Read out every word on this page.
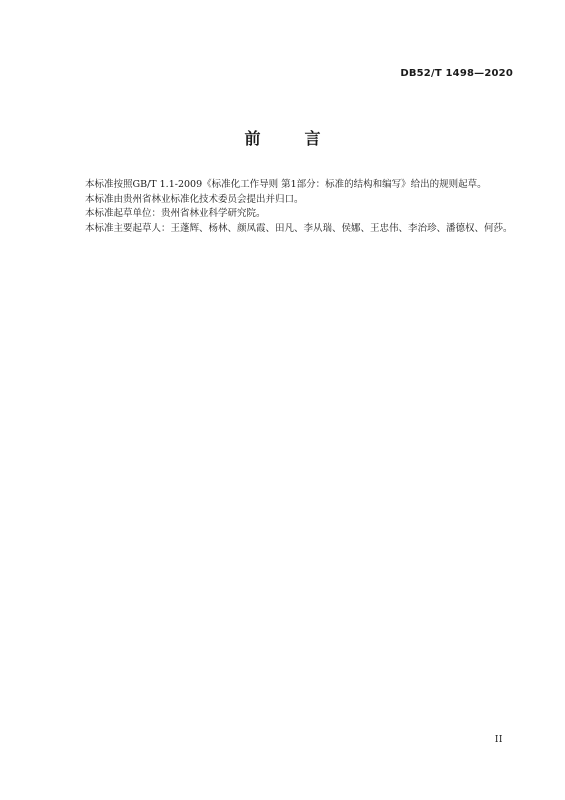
DB52/T 1498—2020
前　言

本标准按照GB/T 1.1-2009《标准化工作导则 第1部分：标准的结构和编写》给出的规则起草。

本标准由贵州省林业标准化技术委员会提出并归口。

本标准起草单位：贵州省林业科学研究院。

本标准主要起草人：王蓬辉、杨林、颜凤霞、田凡、李从瑞、侯娜、王忠伟、李治珍、潘德权、何莎。

II
